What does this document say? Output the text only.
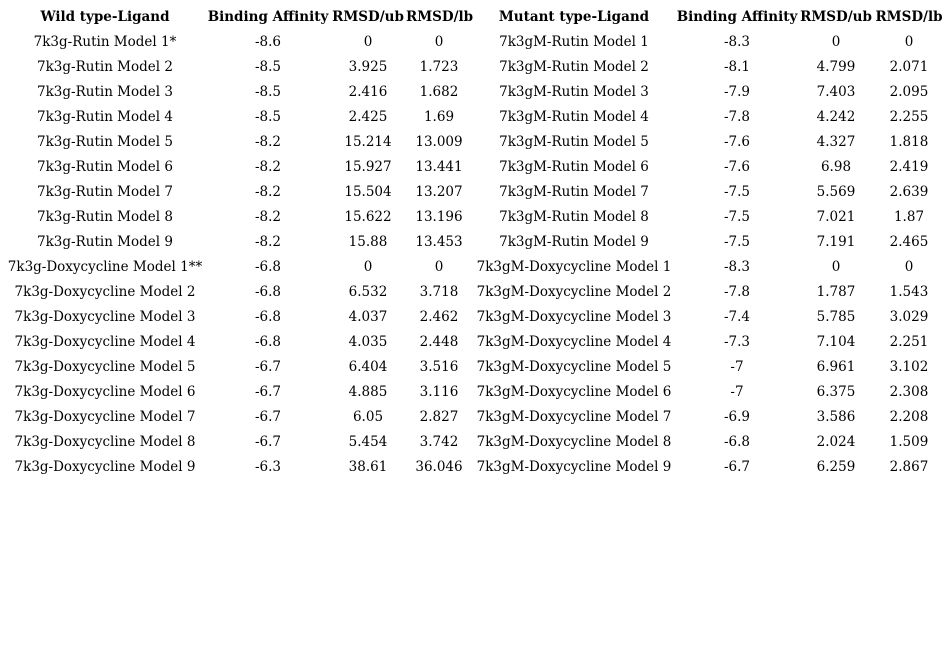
Wild type-Ligand	Binding Affinity	RMSD/ub	RMSD/lb	Mutant type-Ligand	Binding Affinity	RMSD/ub	RMSD/lb
7k3g-Rutin Model 1*	-8.6	0	0	7k3gM-Rutin Model 1	-8.3	0	0
7k3g-Rutin Model 2	-8.5	3.925	1.723	7k3gM-Rutin Model 2	-8.1	4.799	2.071
7k3g-Rutin Model 3	-8.5	2.416	1.682	7k3gM-Rutin Model 3	-7.9	7.403	2.095
7k3g-Rutin Model 4	-8.5	2.425	1.69	7k3gM-Rutin Model 4	-7.8	4.242	2.255
7k3g-Rutin Model 5	-8.2	15.214	13.009	7k3gM-Rutin Model 5	-7.6	4.327	1.818
7k3g-Rutin Model 6	-8.2	15.927	13.441	7k3gM-Rutin Model 6	-7.6	6.98	2.419
7k3g-Rutin Model 7	-8.2	15.504	13.207	7k3gM-Rutin Model 7	-7.5	5.569	2.639
7k3g-Rutin Model 8	-8.2	15.622	13.196	7k3gM-Rutin Model 8	-7.5	7.021	1.87
7k3g-Rutin Model 9	-8.2	15.88	13.453	7k3gM-Rutin Model 9	-7.5	7.191	2.465
7k3g-Doxycycline Model 1**	-6.8	0	0	7k3gM-Doxycycline Model 1	-8.3	0	0
7k3g-Doxycycline Model 2	-6.8	6.532	3.718	7k3gM-Doxycycline Model 2	-7.8	1.787	1.543
7k3g-Doxycycline Model 3	-6.8	4.037	2.462	7k3gM-Doxycycline Model 3	-7.4	5.785	3.029
7k3g-Doxycycline Model 4	-6.8	4.035	2.448	7k3gM-Doxycycline Model 4	-7.3	7.104	2.251
7k3g-Doxycycline Model 5	-6.7	6.404	3.516	7k3gM-Doxycycline Model 5	-7	6.961	3.102
7k3g-Doxycycline Model 6	-6.7	4.885	3.116	7k3gM-Doxycycline Model 6	-7	6.375	2.308
7k3g-Doxycycline Model 7	-6.7	6.05	2.827	7k3gM-Doxycycline Model 7	-6.9	3.586	2.208
7k3g-Doxycycline Model 8	-6.7	5.454	3.742	7k3gM-Doxycycline Model 8	-6.8	2.024	1.509
7k3g-Doxycycline Model 9	-6.3	38.61	36.046	7k3gM-Doxycycline Model 9	-6.7	6.259	2.867
